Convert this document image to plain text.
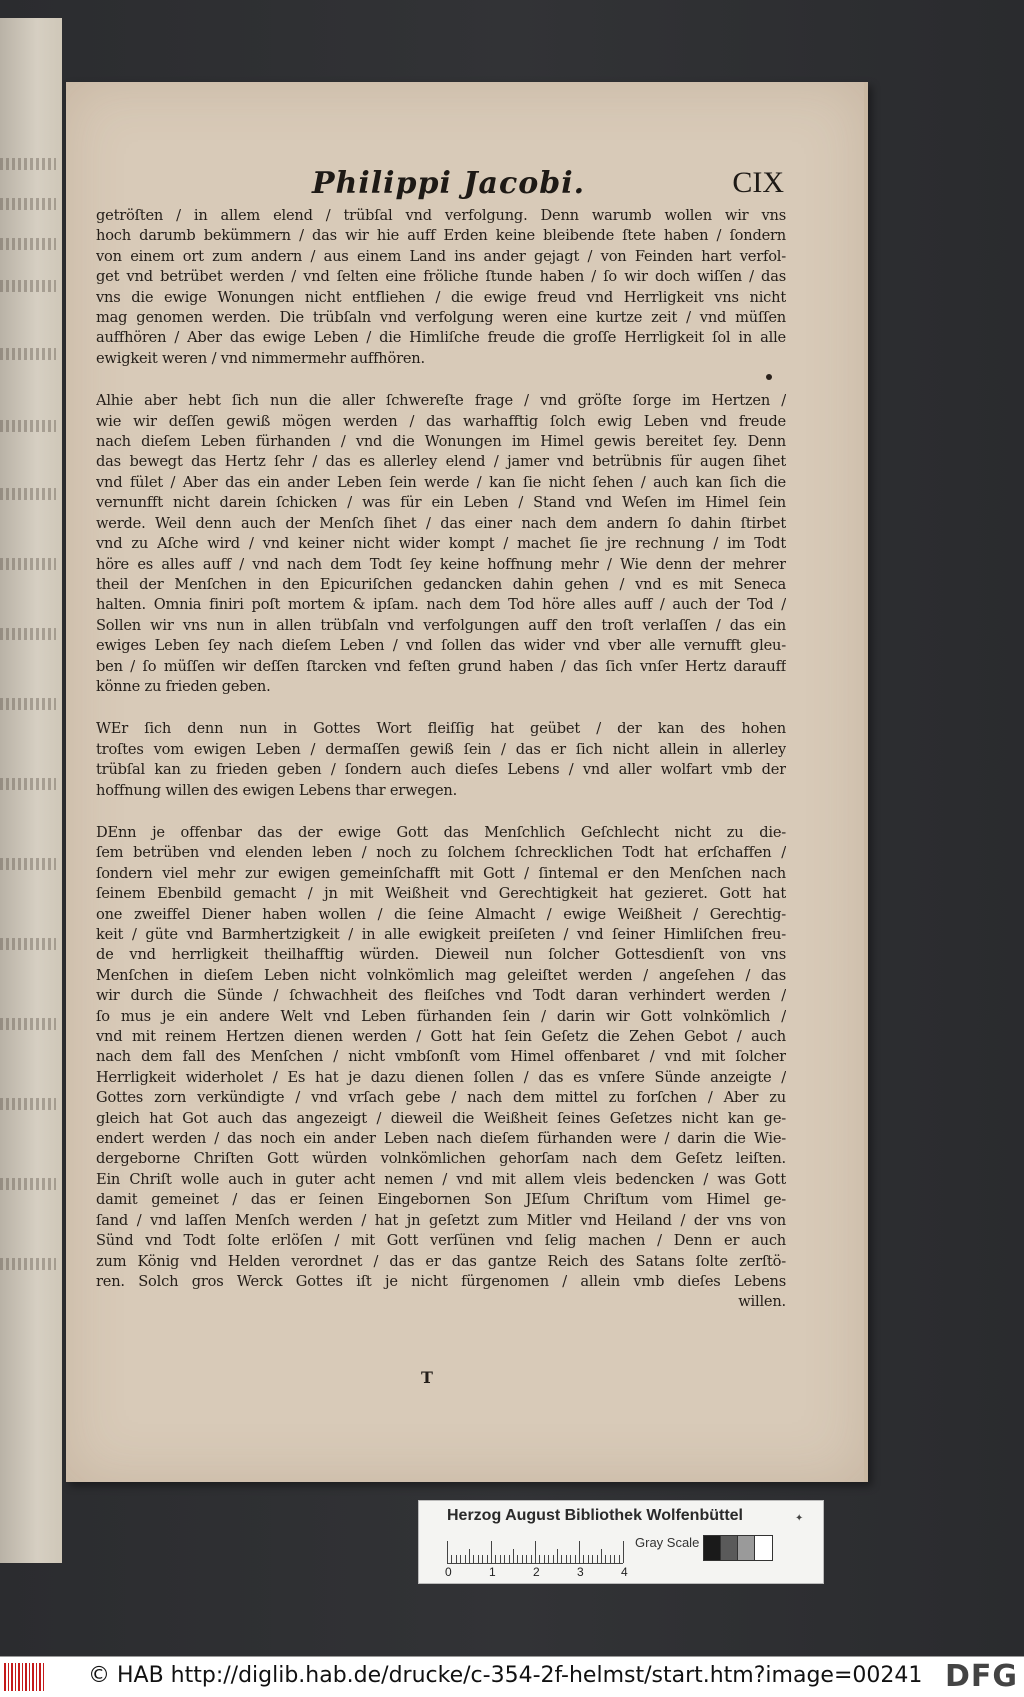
Philippi Jacobi.	CIX
getröſten / in allem elend / trübſal vnd verfolgung. Denn warumb wollen wir vns
hoch darumb bekümmern / das wir hie auff Erden keine bleibende ſtete haben / ſondern
von einem ort zum andern / aus einem Land ins ander gejagt / von Feinden hart verfol-
get vnd betrübet werden / vnd ſelten eine fröliche ſtunde haben / ſo wir doch wiſſen / das
vns die ewige Wonungen nicht entfliehen / die ewige freud vnd Herrligkeit vns nicht
mag genomen werden. Die trübſaln vnd verfolgung weren eine kurtze zeit / vnd müſſen
auffhören / Aber das ewige Leben / die Himliſche freude die groſſe Herrligkeit ſol in alle
ewigkeit weren / vnd nimmermehr auffhören.
Alhie aber hebt ſich nun die aller ſchwereſte frage / vnd gröſte ſorge im Hertzen /
wie wir deſſen gewiß mögen werden / das warhafftig ſolch ewig Leben vnd freude
nach dieſem Leben fürhanden / vnd die Wonungen im Himel gewis bereitet ſey. Denn
das bewegt das Hertz ſehr / das es allerley elend / jamer vnd betrübnis für augen ſihet
vnd fület / Aber das ein ander Leben ſein werde / kan ſie nicht ſehen / auch kan ſich die
vernunfft nicht darein ſchicken / was für ein Leben / Stand vnd Weſen im Himel ſein
werde. Weil denn auch der Menſch ſihet / das einer nach dem andern ſo dahin ſtirbet
vnd zu Aſche wird / vnd keiner nicht wider kompt / machet ſie jre rechnung / im Todt
höre es alles auff / vnd nach dem Todt ſey keine hoffnung mehr / Wie denn der mehrer
theil der Menſchen in den Epicuriſchen gedancken dahin gehen / vnd es mit Seneca
halten. Omnia finiri poſt mortem & ipſam. nach dem Tod höre alles auff / auch der Tod /
Sollen wir vns nun in allen trübſaln vnd verfolgungen auff den troſt verlaſſen / das ein
ewiges Leben ſey nach dieſem Leben / vnd ſollen das wider vnd vber alle vernufft gleu-
ben / ſo müſſen wir deſſen ſtarcken vnd feſten grund haben / das ſich vnſer Hertz darauff
könne zu frieden geben.
WEr ſich denn nun in Gottes Wort fleiſſig hat geübet / der kan des hohen
troſtes vom ewigen Leben / dermaſſen gewiß ſein / das er ſich nicht allein in allerley
trübſal kan zu frieden geben / ſondern auch dieſes Lebens / vnd aller wolfart vmb der
hoffnung willen des ewigen Lebens thar erwegen.
DEnn je offenbar das der ewige Gott das Menſchlich Geſchlecht nicht zu die-
ſem betrüben vnd elenden leben / noch zu ſolchem ſchrecklichen Todt hat erſchaffen /
ſondern viel mehr zur ewigen gemeinſchafft mit Gott / ſintemal er den Menſchen nach
ſeinem Ebenbild gemacht / jn mit Weißheit vnd Gerechtigkeit hat gezieret. Gott hat
one zweiffel Diener haben wollen / die ſeine Almacht / ewige Weißheit / Gerechtig-
keit / güte vnd Barmhertzigkeit / in alle ewigkeit preiſeten / vnd ſeiner Himliſchen freu-
de vnd herrligkeit theilhafftig würden. Dieweil nun ſolcher Gottesdienſt von vns
Menſchen in dieſem Leben nicht volnkömlich mag geleiſtet werden / angeſehen / das
wir durch die Sünde / ſchwachheit des fleiſches vnd Todt daran verhindert werden /
ſo mus je ein andere Welt vnd Leben fürhanden ſein / darin wir Gott volnkömlich /
vnd mit reinem Hertzen dienen werden / Gott hat ſein Geſetz die Zehen Gebot / auch
nach dem fall des Menſchen / nicht vmbſonſt vom Himel offenbaret / vnd mit ſolcher
Herrligkeit widerholet / Es hat je dazu dienen ſollen / das es vnſere Sünde anzeigte /
Gottes zorn verkündigte / vnd vrſach gebe / nach dem mittel zu forſchen / Aber zu
gleich hat Got auch das angezeigt / dieweil die Weißheit ſeines Geſetzes nicht kan ge-
endert werden / das noch ein ander Leben nach dieſem fürhanden were / darin die Wie-
dergeborne Chriſten Gott würden volnkömlichen gehorſam nach dem Geſetz leiſten.
Ein Chriſt wolle auch in guter acht nemen / vnd mit allem vleis bedencken / was Gott
damit gemeinet / das er ſeinen Eingebornen Son JEſum Chriſtum vom Himel ge-
ſand / vnd laſſen Menſch werden / hat jn geſetzt zum Mitler vnd Heiland / der vns von
Sünd vnd Todt ſolte erlöſen / mit Gott verſünen vnd ſelig machen / Denn er auch
zum König vnd Helden verordnet / das er das gantze Reich des Satans ſolte zerſtö-
ren. Solch gros Werck Gottes iſt je nicht fürgenomen / allein vmb dieſes Lebens
willen.
T
Herzog August Bibliothek Wolfenbüttel
0	1	2	3	4
Gray Scale
✦
© HAB http://diglib.hab.de/drucke/c-354-2f-helmst/start.htm?image=00241 DFG
